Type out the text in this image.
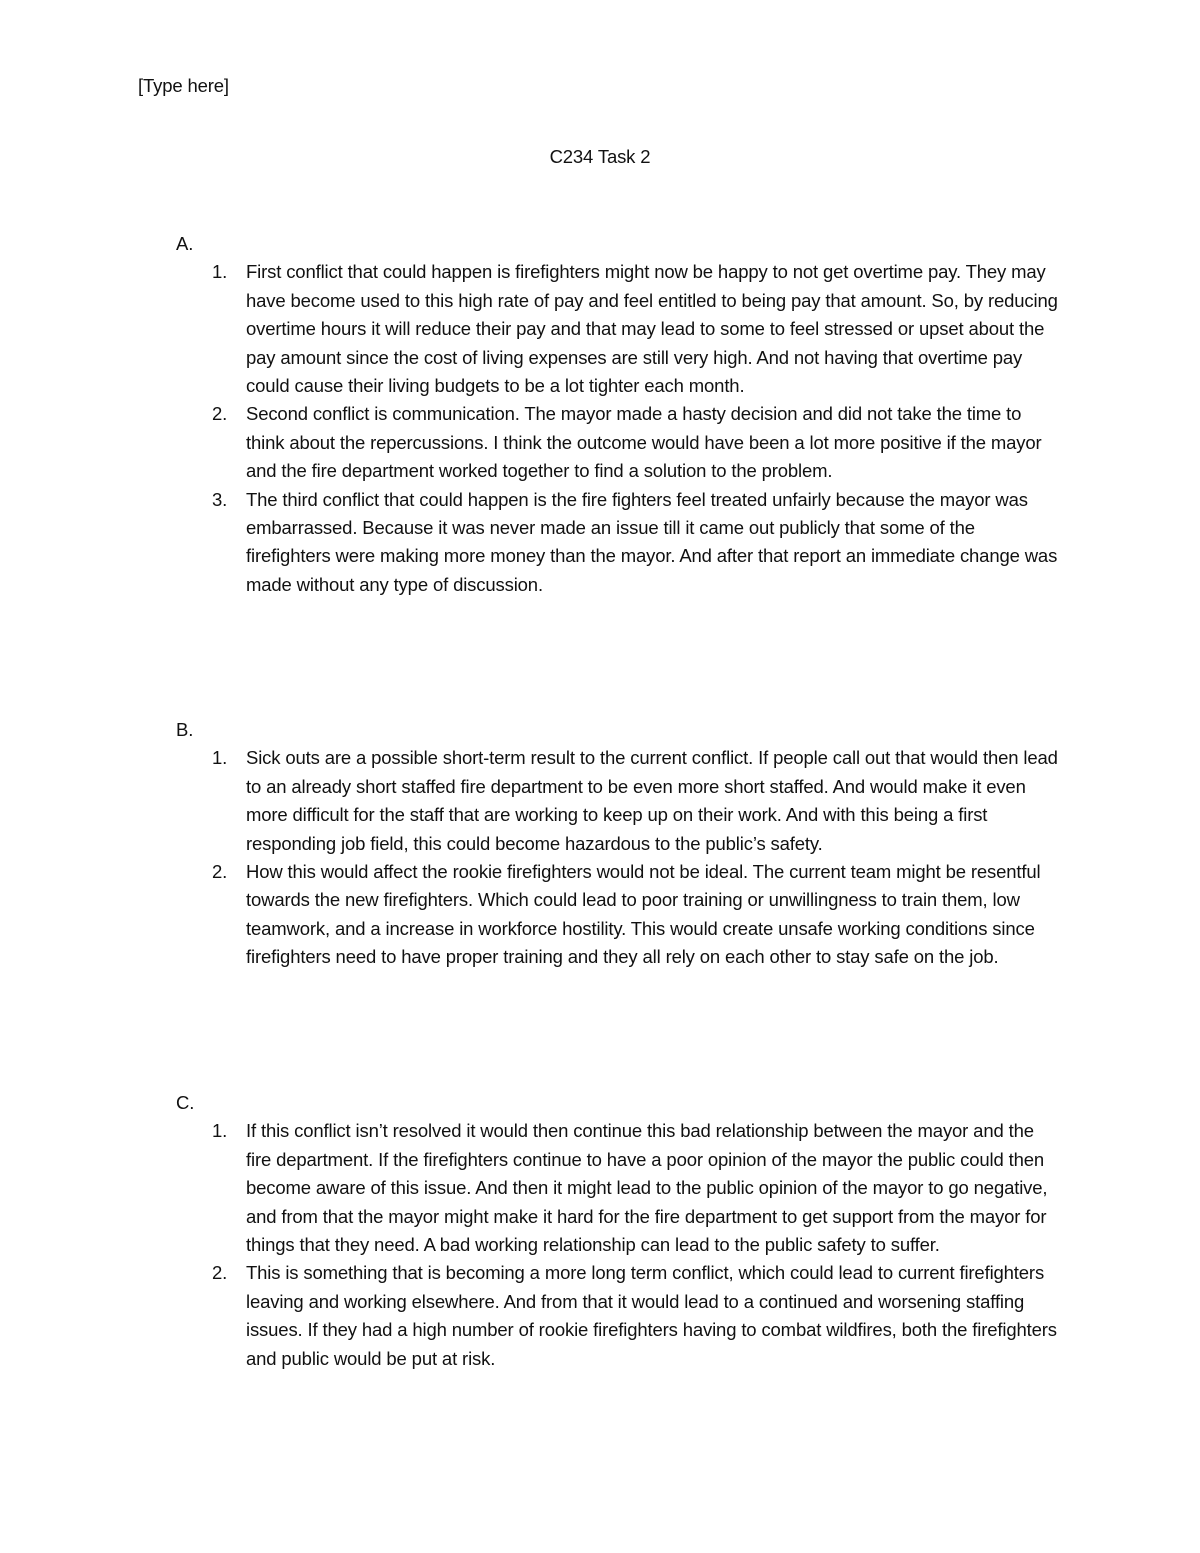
[Type here]
C234 Task 2
A.
1. First conflict that could happen is firefighters might now be happy to not get overtime pay. They may have become used to this high rate of pay and feel entitled to being pay that amount. So, by reducing overtime hours it will reduce their pay and that may lead to some to feel stressed or upset about the pay amount since the cost of living expenses are still very high. And not having that overtime pay could cause their living budgets to be a lot tighter each month.
2. Second conflict is communication. The mayor made a hasty decision and did not take the time to think about the repercussions. I think the outcome would have been a lot more positive if the mayor and the fire department worked together to find a solution to the problem.
3. The third conflict that could happen is the fire fighters feel treated unfairly because the mayor was embarrassed. Because it was never made an issue till it came out publicly that some of the firefighters were making more money than the mayor. And after that report an immediate change was made without any type of discussion.
B.
1. Sick outs are a possible short-term result to the current conflict. If people call out that would then lead to an already short staffed fire department to be even more short staffed. And would make it even more difficult for the staff that are working to keep up on their work. And with this being a first responding job field, this could become hazardous to the public’s safety.
2. How this would affect the rookie firefighters would not be ideal. The current team might be resentful towards the new firefighters. Which could lead to poor training or unwillingness to train them, low teamwork, and a increase in workforce hostility. This would create unsafe working conditions since firefighters need to have proper training and they all rely on each other to stay safe on the job.
C.
1. If this conflict isn’t resolved it would then continue this bad relationship between the mayor and the fire department. If the firefighters continue to have a poor opinion of the mayor the public could then become aware of this issue. And then it might lead to the public opinion of the mayor to go negative, and from that the mayor might make it hard for the fire department to get support from the mayor for things that they need. A bad working relationship can lead to the public safety to suffer.
2. This is something that is becoming a more long term conflict, which could lead to current firefighters leaving and working elsewhere. And from that it would lead to a continued and worsening staffing issues. If they had a high number of rookie firefighters having to combat wildfires, both the firefighters and public would be put at risk.
